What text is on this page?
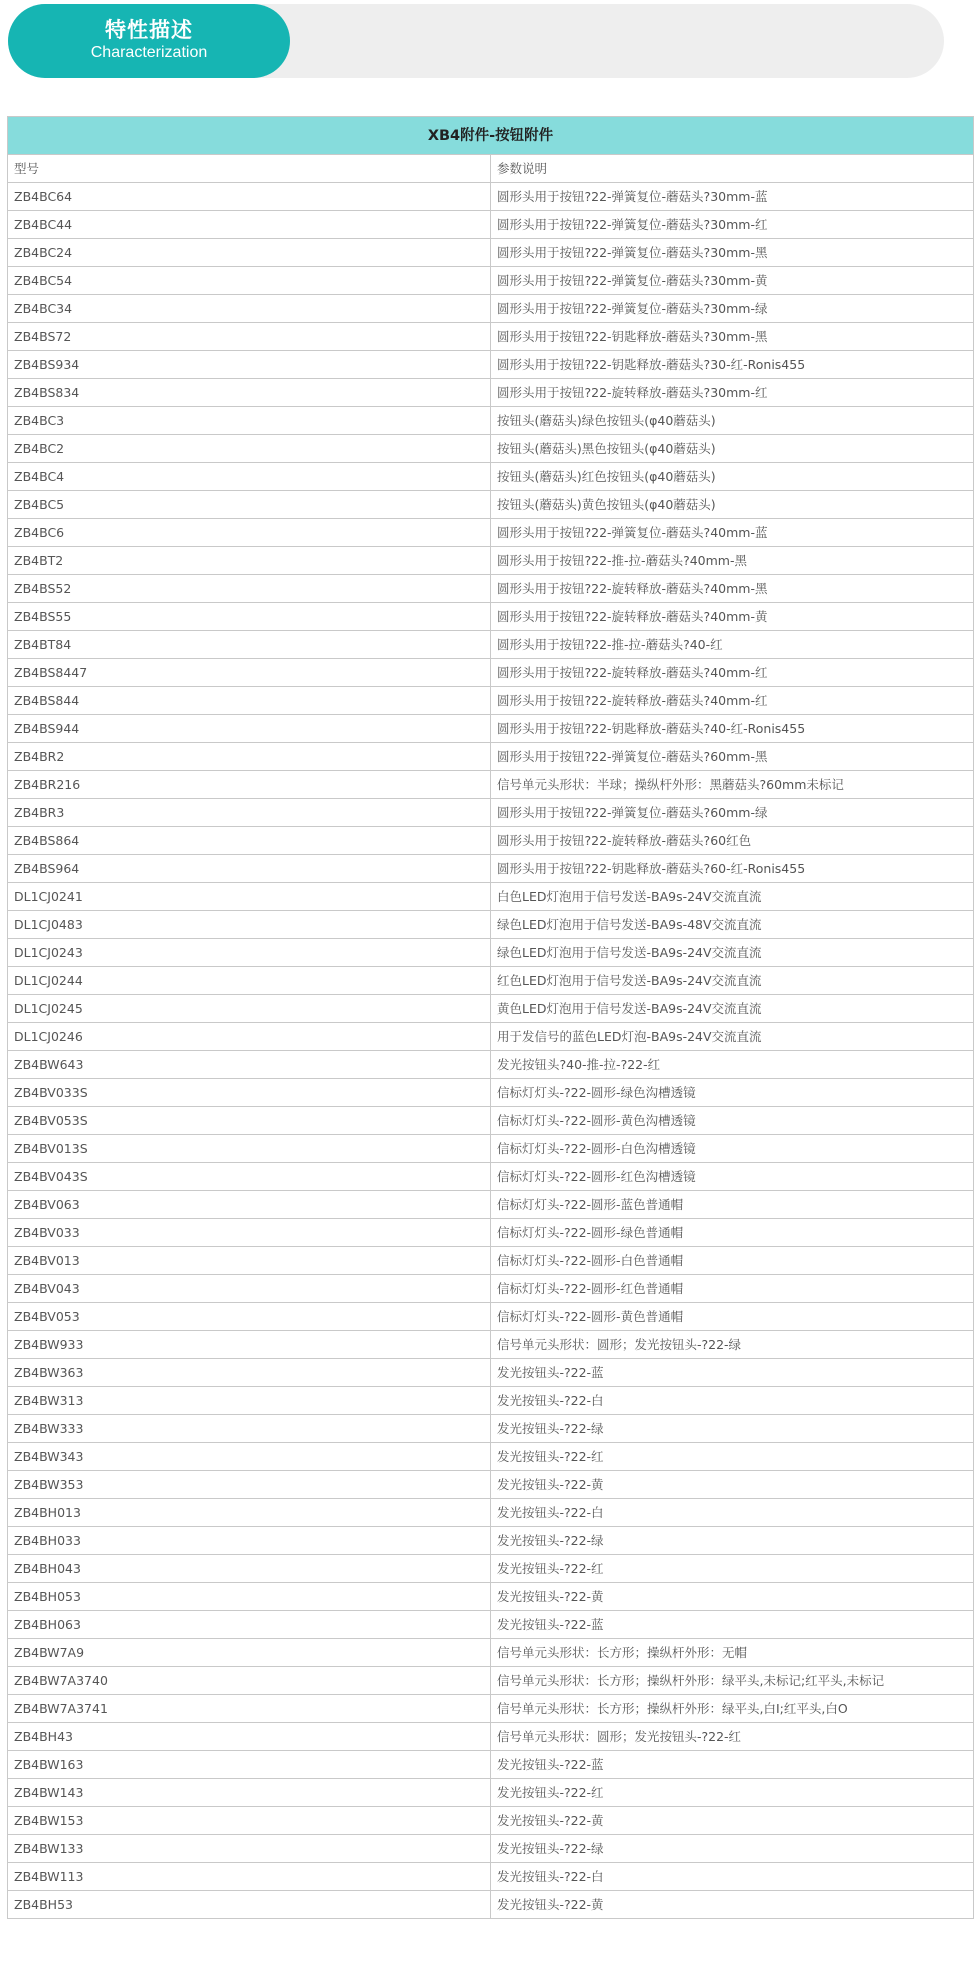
特性描述
Characterization
XB4附件-按钮附件	
型号	参数说明
ZB4BC64	圆形头用于按钮?22-弹簧复位-蘑菇头?30mm-蓝
ZB4BC44	圆形头用于按钮?22-弹簧复位-蘑菇头?30mm-红
ZB4BC24	圆形头用于按钮?22-弹簧复位-蘑菇头?30mm-黑
ZB4BC54	圆形头用于按钮?22-弹簧复位-蘑菇头?30mm-黄
ZB4BC34	圆形头用于按钮?22-弹簧复位-蘑菇头?30mm-绿
ZB4BS72	圆形头用于按钮?22-钥匙释放-蘑菇头?30mm-黑
ZB4BS934	圆形头用于按钮?22-钥匙释放-蘑菇头?30-红-Ronis455
ZB4BS834	圆形头用于按钮?22-旋转释放-蘑菇头?30mm-红
ZB4BC3	按钮头(蘑菇头)绿色按钮头(φ40蘑菇头)
ZB4BC2	按钮头(蘑菇头)黑色按钮头(φ40蘑菇头)
ZB4BC4	按钮头(蘑菇头)红色按钮头(φ40蘑菇头)
ZB4BC5	按钮头(蘑菇头)黄色按钮头(φ40蘑菇头)
ZB4BC6	圆形头用于按钮?22-弹簧复位-蘑菇头?40mm-蓝
ZB4BT2	圆形头用于按钮?22-推-拉-蘑菇头?40mm-黑
ZB4BS52	圆形头用于按钮?22-旋转释放-蘑菇头?40mm-黑
ZB4BS55	圆形头用于按钮?22-旋转释放-蘑菇头?40mm-黄
ZB4BT84	圆形头用于按钮?22-推-拉-蘑菇头?40-红
ZB4BS8447	圆形头用于按钮?22-旋转释放-蘑菇头?40mm-红
ZB4BS844	圆形头用于按钮?22-旋转释放-蘑菇头?40mm-红
ZB4BS944	圆形头用于按钮?22-钥匙释放-蘑菇头?40-红-Ronis455
ZB4BR2	圆形头用于按钮?22-弹簧复位-蘑菇头?60mm-黑
ZB4BR216	信号单元头形状：半球；操纵杆外形：黑蘑菇头?60mm未标记
ZB4BR3	圆形头用于按钮?22-弹簧复位-蘑菇头?60mm-绿
ZB4BS864	圆形头用于按钮?22-旋转释放-蘑菇头?60红色
ZB4BS964	圆形头用于按钮?22-钥匙释放-蘑菇头?60-红-Ronis455
DL1CJ0241	白色LED灯泡用于信号发送-BA9s-24V交流直流
DL1CJ0483	绿色LED灯泡用于信号发送-BA9s-48V交流直流
DL1CJ0243	绿色LED灯泡用于信号发送-BA9s-24V交流直流
DL1CJ0244	红色LED灯泡用于信号发送-BA9s-24V交流直流
DL1CJ0245	黄色LED灯泡用于信号发送-BA9s-24V交流直流
DL1CJ0246	用于发信号的蓝色LED灯泡-BA9s-24V交流直流
ZB4BW643	发光按钮头?40-推-拉-?22-红
ZB4BV033S	信标灯灯头-?22-圆形-绿色沟槽透镜
ZB4BV053S	信标灯灯头-?22-圆形-黄色沟槽透镜
ZB4BV013S	信标灯灯头-?22-圆形-白色沟槽透镜
ZB4BV043S	信标灯灯头-?22-圆形-红色沟槽透镜
ZB4BV063	信标灯灯头-?22-圆形-蓝色普通帽
ZB4BV033	信标灯灯头-?22-圆形-绿色普通帽
ZB4BV013	信标灯灯头-?22-圆形-白色普通帽
ZB4BV043	信标灯灯头-?22-圆形-红色普通帽
ZB4BV053	信标灯灯头-?22-圆形-黄色普通帽
ZB4BW933	信号单元头形状：圆形；发光按钮头-?22-绿
ZB4BW363	发光按钮头-?22-蓝
ZB4BW313	发光按钮头-?22-白
ZB4BW333	发光按钮头-?22-绿
ZB4BW343	发光按钮头-?22-红
ZB4BW353	发光按钮头-?22-黄
ZB4BH013	发光按钮头-?22-白
ZB4BH033	发光按钮头-?22-绿
ZB4BH043	发光按钮头-?22-红
ZB4BH053	发光按钮头-?22-黄
ZB4BH063	发光按钮头-?22-蓝
ZB4BW7A9	信号单元头形状：长方形；操纵杆外形：无帽
ZB4BW7A3740	信号单元头形状：长方形；操纵杆外形：绿平头,未标记;红平头,未标记
ZB4BW7A3741	信号单元头形状：长方形；操纵杆外形：绿平头,白I;红平头,白O
ZB4BH43	信号单元头形状：圆形；发光按钮头-?22-红
ZB4BW163	发光按钮头-?22-蓝
ZB4BW143	发光按钮头-?22-红
ZB4BW153	发光按钮头-?22-黄
ZB4BW133	发光按钮头-?22-绿
ZB4BW113	发光按钮头-?22-白
ZB4BH53	发光按钮头-?22-黄
